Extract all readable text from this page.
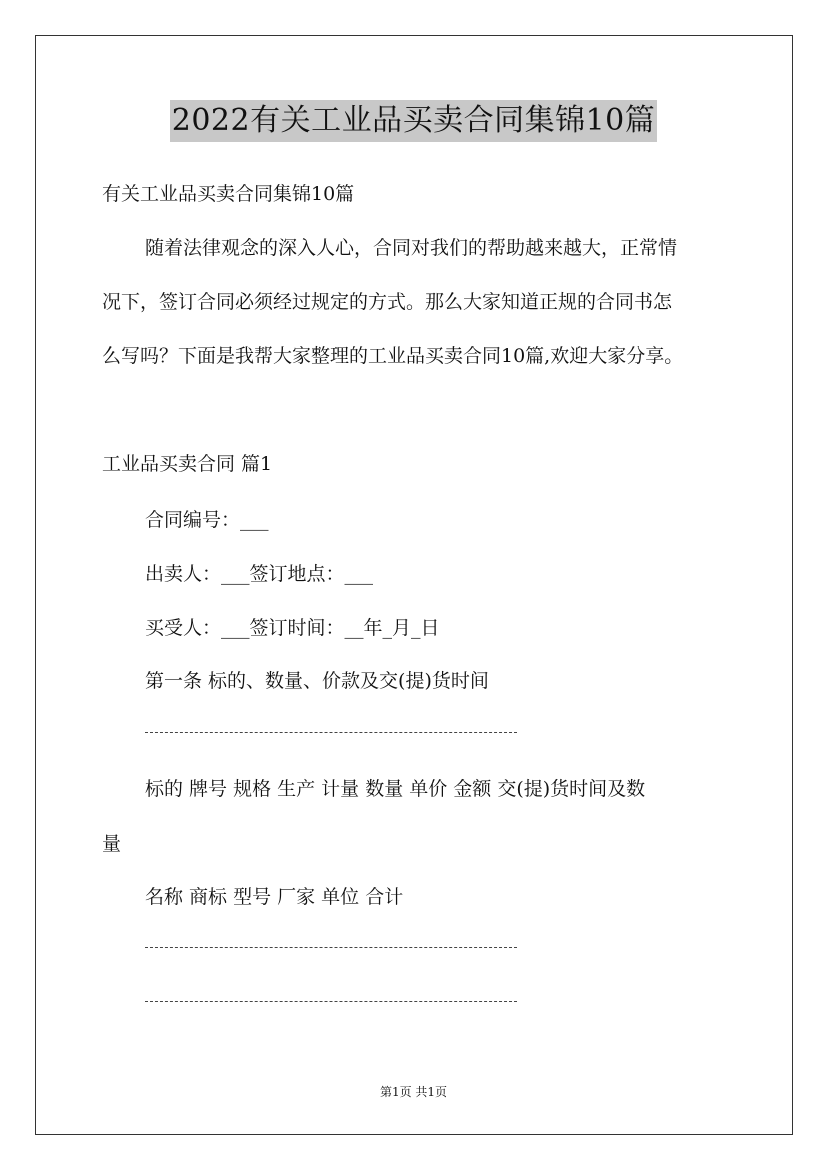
2022有关工业品买卖合同集锦10篇
有关工业品买卖合同集锦10篇
随着法律观念的深入人心，合同对我们的帮助越来越大，正常情
况下，签订合同必须经过规定的方式。那么大家知道正规的合同书怎
么写吗？下面是我帮大家整理的工业品买卖合同10篇,欢迎大家分享。
工业品买卖合同 篇1
合同编号：___
出卖人：___签订地点：___
买受人：___签订时间：__年_月_日
第一条 标的、数量、价款及交(提)货时间
标的 牌号 规格 生产 计量 数量 单价 金额 交(提)货时间及数
量
名称 商标 型号 厂家 单位 合计
第1页 共1页
